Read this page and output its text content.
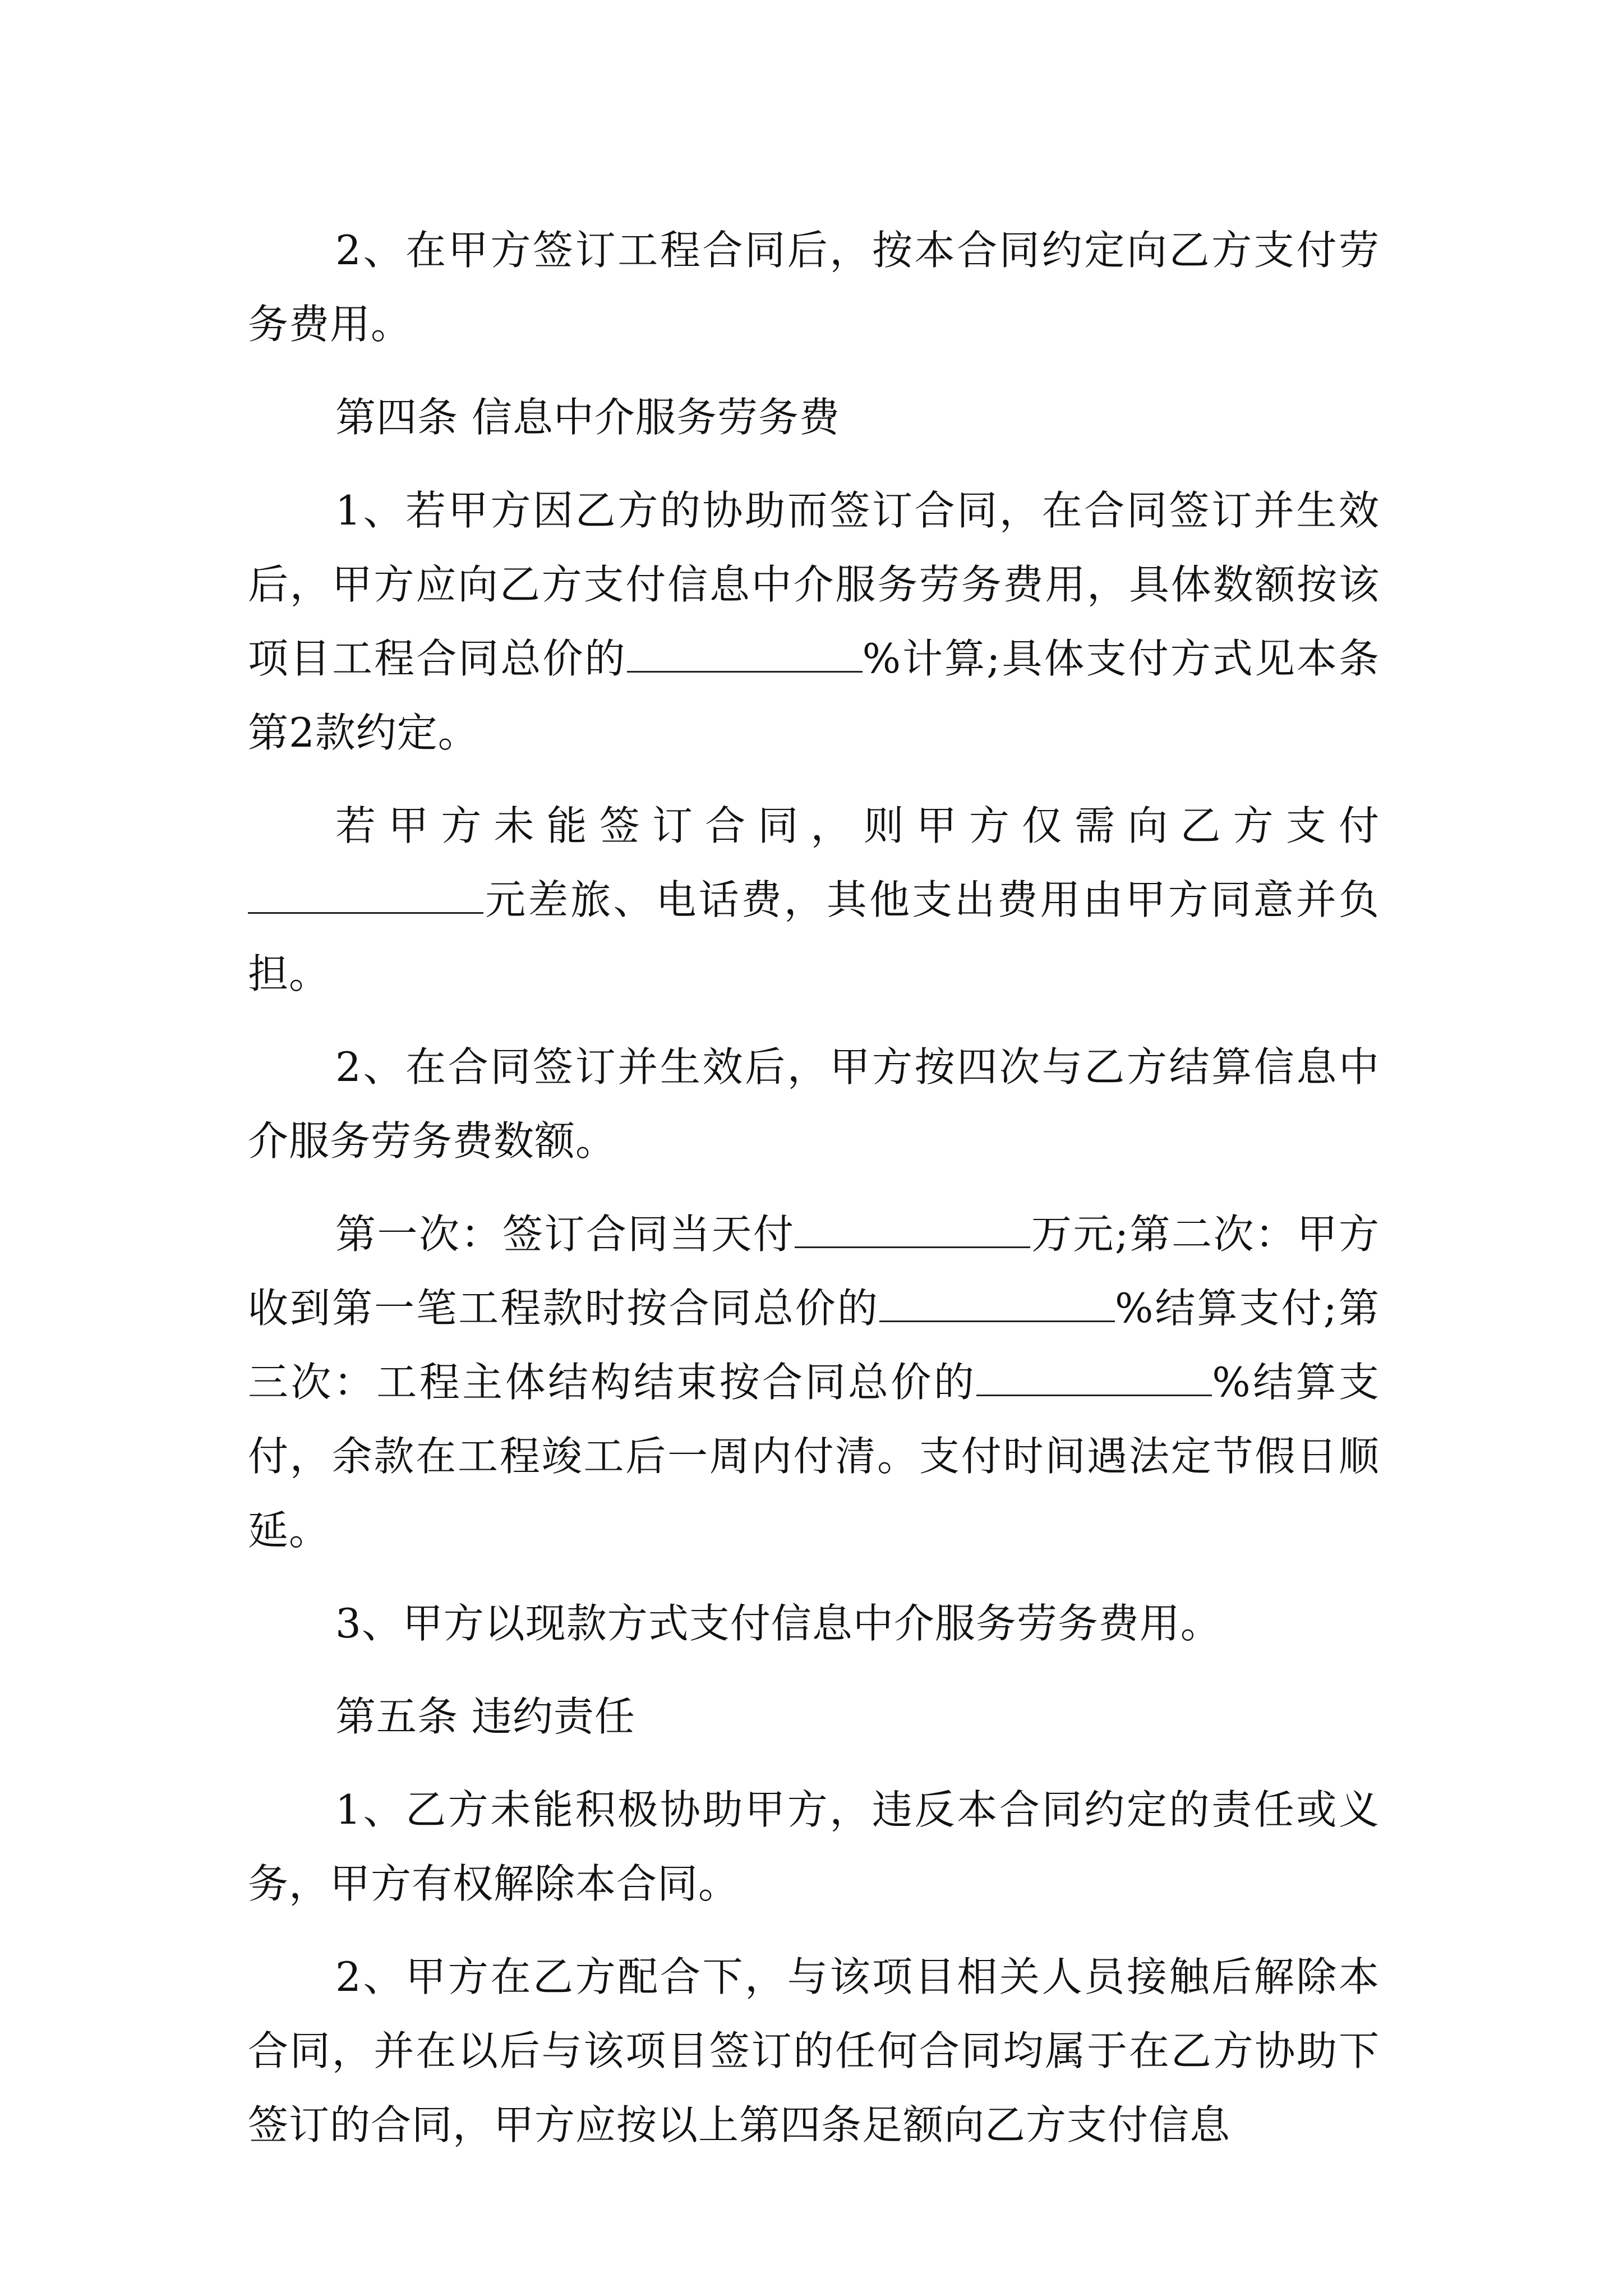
2、在甲方签订工程合同后，按本合同约定向乙方支付劳务费用。

第四条 信息中介服务劳务费

1、若甲方因乙方的协助而签订合同，在合同签订并生效后，甲方应向乙方支付信息中介服务劳务费用，具体数额按该项目工程合同总价的	%计算;具体支付方式见本条第2款约定。

若甲方未能签订合同，则甲方仅需向乙方支付元差旅、电话费，其他支出费用由甲方同意并负担。

2、在合同签订并生效后，甲方按四次与乙方结算信息中介服务劳务费数额。

第一次：签订合同当天付	万元;第二次：甲方收到第一笔工程款时按合同总价的	%结算支付;第三次：工程主体结构结束按合同总价的	%结算支付，余款在工程竣工后一周内付清。支付时间遇法定节假日顺延。

3、甲方以现款方式支付信息中介服务劳务费用。

第五条 违约责任

1、乙方未能积极协助甲方，违反本合同约定的责任或义务，甲方有权解除本合同。

2、甲方在乙方配合下，与该项目相关人员接触后解除本合同，并在以后与该项目签订的任何合同均属于在乙方协助下签订的合同，甲方应按以上第四条足额向乙方支付信息
